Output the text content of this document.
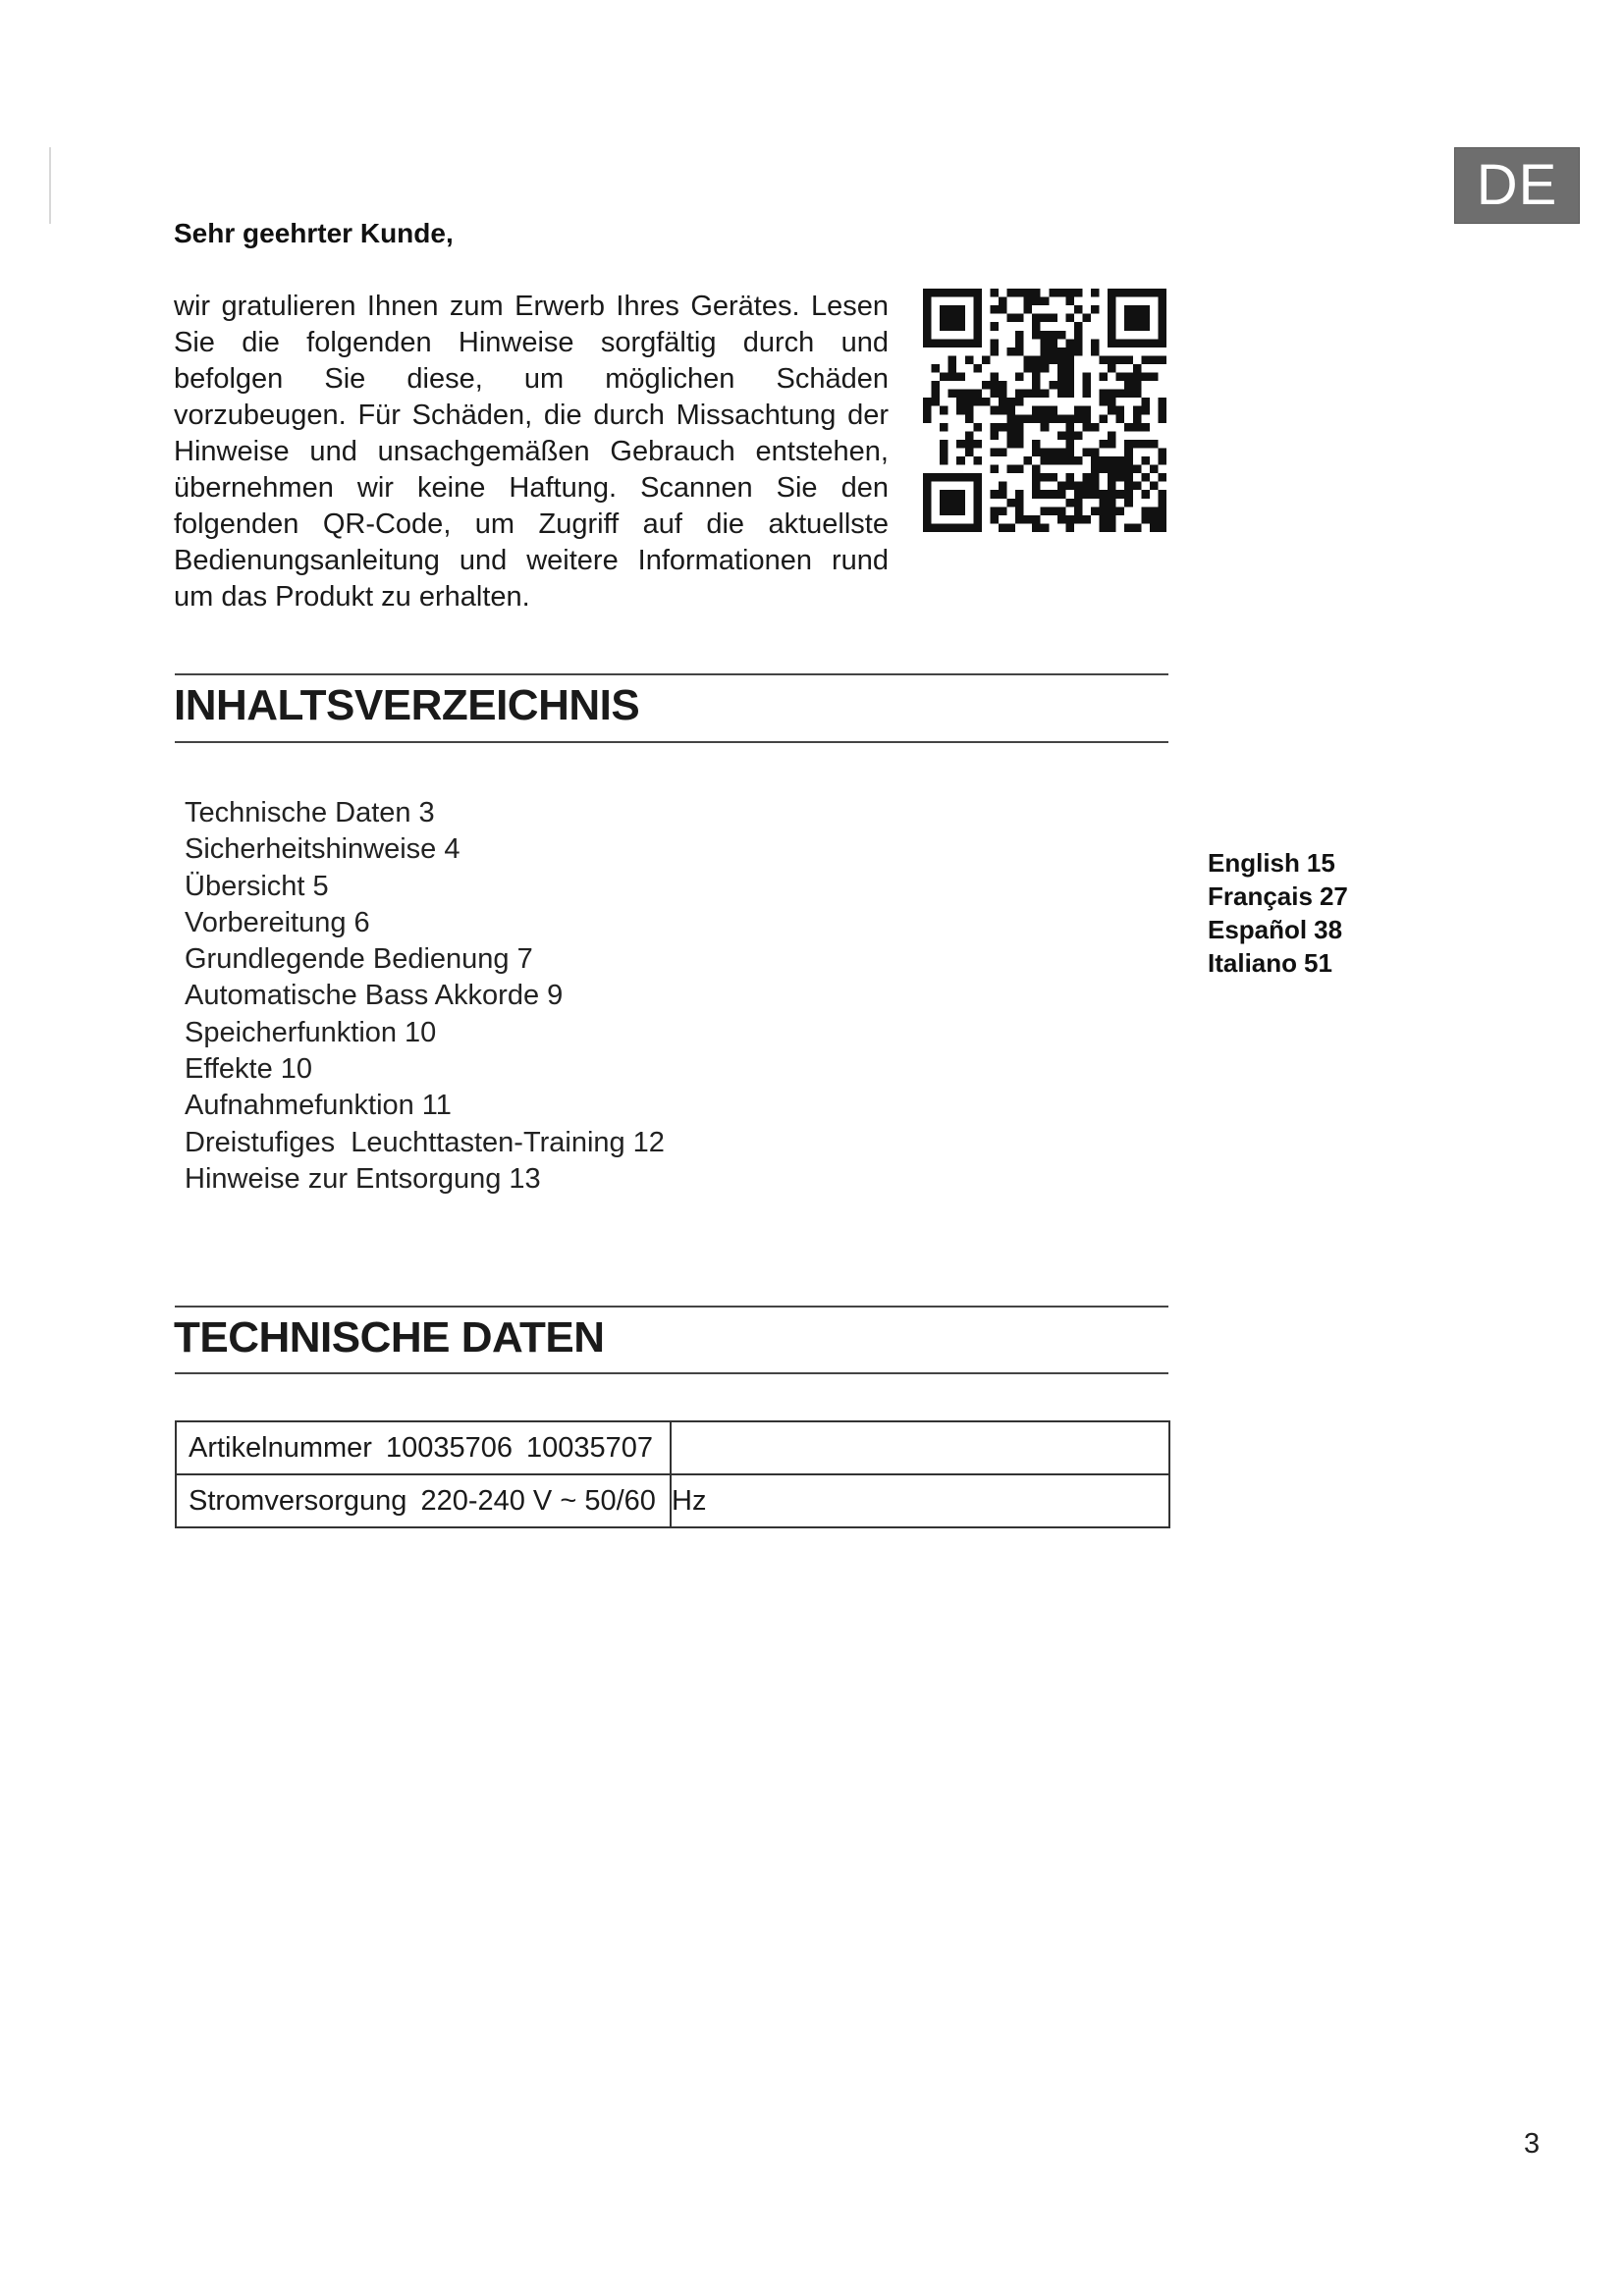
DE

Sehr geehrter Kunde,

wir gratulieren Ihnen zum Erwerb Ihres Gerätes. Lesen Sie die folgenden Hinweise sorgfältig durch und befolgen Sie diese, um möglichen Schäden vorzubeugen. Für Schäden, die durch Missachtung der Hinweise und unsachgemäßen Gebrauch entstehen, übernehmen wir keine Haftung. Scannen Sie den folgenden QR-Code, um Zugriff auf die aktuellste Bedienungsanleitung und weitere Informationen rund um das Produkt zu erhalten.

INHALTSVERZEICHNIS
Technische Daten 3
Sicherheitshinweise 4
Übersicht 5
Vorbereitung 6
Grundlegende Bedienung 7
Automatische Bass Akkorde 9
Speicherfunktion 10
Effekte 10
Aufnahmefunktion 11
Dreistufiges  Leuchttasten-Training 12
Hinweise zur Entsorgung 13
English 15
Français 27
Español 38
Italiano 51
TECHNISCHE DATEN
Artikelnummer 10035706 10035707	
Stromversorgung 220-240 V ~ 50/60	Hz

3
